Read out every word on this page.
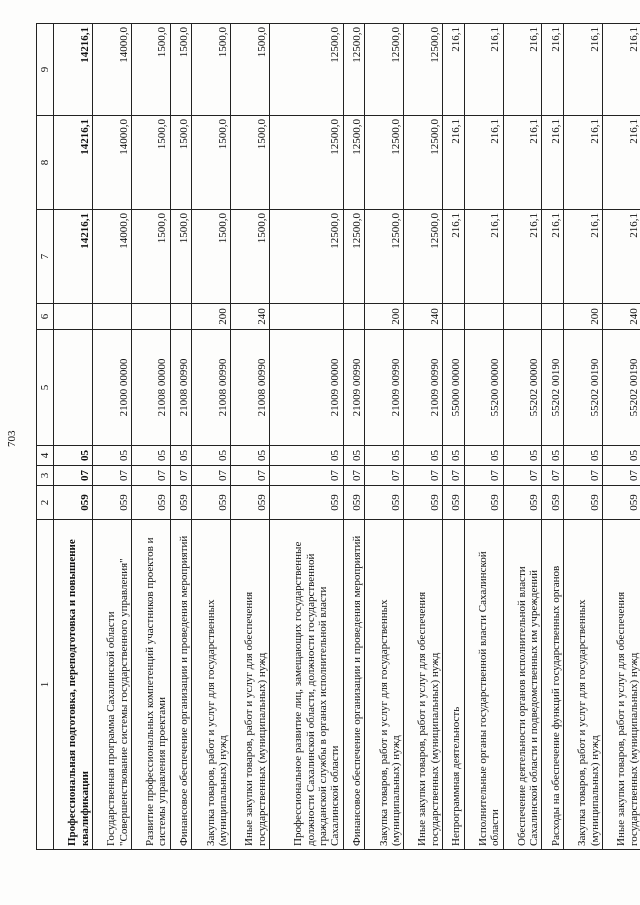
703
1	2	3	4	5	6	7	8	9
Профессиональная подготовка, переподготовка и повышение квалификации	059	07	05			14216,1	14216,1	14216,1
Государственная программа Сахалинской области "Совершенствование системы государственного управления"	059	07	05	21000 00000		14000,0	14000,0	14000,0
Развитие профессиональных компетенций участников проектов и системы управления проектами	059	07	05	21008 00000		1500,0	1500,0	1500,0
Финансовое обеспечение организации и проведения мероприятий	059	07	05	21008 00990		1500,0	1500,0	1500,0
Закупка товаров, работ и услуг для государственных (муниципальных) нужд	059	07	05	21008 00990	200	1500,0	1500,0	1500,0
Иные закупки товаров, работ и услуг для обеспечения государственных (муниципальных) нужд	059	07	05	21008 00990	240	1500,0	1500,0	1500,0
Профессиональное развитие лиц, замещающих государственные должности Сахалинской области, должности государственной гражданской службы в органах исполнительной власти Сахалинской области	059	07	05	21009 00000		12500,0	12500,0	12500,0
Финансовое обеспечение организации и проведения мероприятий	059	07	05	21009 00990		12500,0	12500,0	12500,0
Закупка товаров, работ и услуг для государственных (муниципальных) нужд	059	07	05	21009 00990	200	12500,0	12500,0	12500,0
Иные закупки товаров, работ и услуг для обеспечения государственных (муниципальных) нужд	059	07	05	21009 00990	240	12500,0	12500,0	12500,0
Непрограммная деятельность	059	07	05	55000 00000		216,1	216,1	216,1
Исполнительные органы государственной власти Сахалинской области	059	07	05	55200 00000		216,1	216,1	216,1
Обеспечение деятельности органов исполнительной власти Сахалинской области и подведомственных им учреждений	059	07	05	55202 00000		216,1	216,1	216,1
Расходы на обеспечение функций государственных органов	059	07	05	55202 00190		216,1	216,1	216,1
Закупка товаров, работ и услуг для государственных (муниципальных) нужд	059	07	05	55202 00190	200	216,1	216,1	216,1
Иные закупки товаров, работ и услуг для обеспечения государственных (муниципальных) нужд	059	07	05	55202 00190	240	216,1	216,1	216,1
